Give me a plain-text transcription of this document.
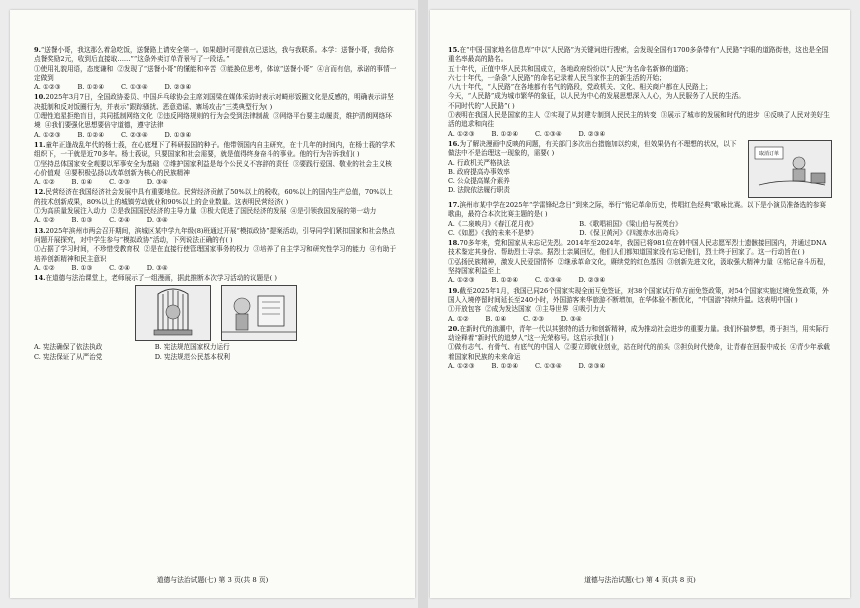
9.“送餐小哥，我这那么着急吃饭，送餐路上请安全第一。如果超时可提前点已送达，我与我联系。本学：送餐小哥，我给你点餐奖励2元，收到后直接取……”“这条外卖订单背景写了一段话。”
①使用礼貌用语，态度谦和  ②发现了“送餐小哥”的懂能和辛苦  ③能换位思考，体谅“送餐小哥”  ④言而有信，承诺的事情一定做到
A. ①②③        B. ①②④        C. ①③④        D. ②③④
10.2025年3月7日，全国政协委员、中国乒乓球协会主席刘国梁在媒体采访时表示对畸形饭圈文化是反感的，明确表示讲坚决抵制和反对饭圈行为，并表示“跟踪骚扰、恶意造谣、寨场攻击”三类典型行为( )
①理性追星拒绝盲目，共同抵制网络文化  ②违反网络规则的行为会受到法律制裁  ③网络平台要主动履责，维护清朗网络环境  ④我们要强化思想要倍守道德，遵守法律
A. ①②③        B. ①②④        C. ②③④        D. ①③④
11.童年正逢战乱年代的杨士莪，在心底埋下了科研报国的种子。他带领国内自主研究，在十几年的时间内，在杨士莪的学术组织下，一干就是近70多年。杨士莪说，只要国家和社会需要，就是值得终身奋斗的事业。他的行为告诉我们( )
①坚持总体国家安全观要以军事安全为基础  ②维护国家利益是每个公民义不容辞的责任  ③要践行爱国、敬业的社会主义核心价值观  ④要积极弘扬以改革创新为核心的民族精神
A. ①②        B. ①④        C. ②③        D. ③④
12.民营经济在我国经济社会发展中具有重要地位。民营经济贡献了50%以上的税收，60%以上的国内生产总值，70%以上的技术创新成果，80%以上的城镇劳动就业和90%以上的企业数量。这表明民营经济( )
①为高质量发展注入动力  ②是我国国民经济的主导力量  ③极大促进了国民经济的发展  ④是引领我国发展的第一动力
A. ①②        B. ①③        C. ②④        D. ③④
13.2025年滨州市两会召开期间，滨城区某中学九年级(8)班通过开展“模拟政协”提案活动，引导同学们紧扣国家和社会热点问题开展探究，对中学生参与“模拟政协”活动，下列说法正确的有( )
①占据了学习时间，不珍惜受教育权  ②是在直接行使管理国家事务的权力  ③培养了自主学习和研究性学习的能力  ④有助于培养创新精神和民主意识
A. ①②        B. ①③        C. ②④        D. ③④
14.在道德与法治课堂上，老师展示了一组漫画，据此推断本次学习活动的议题是( )
A. 宪法确保了依法执政                         B. 宪法规范国家权力运行
C. 宪法保证了从严治党                         D. 宪法规范公民基本权利
道德与法治试题(七) 第 3 页(共 8 页)
15.在“中国·国家地名信息库”中以“人民路”为关键词进行搜索，会发现全国有1700多条带有“人民路”字眼的道路街巷，这也是全国重名率最高的路名。
五十年代，正值中华人民共和国成立，各地政府纷纷以“人民”为名命名新修的道路；
六七十年代，一条条“人民路”的命名记录着人民当家作主的新生活的开始；
八九十年代，“人民路”在各地都有名气的路段，党政机关、文化、相关商户都在人民路上；
今天，“人民路”成为城市繁华的象征，以人民为中心的发展思想深入人心，为人民服务了人民的生活。
不同时代的“人民路”( )
①表明在我国人民是国家的主人  ②实现了从封建专制到人民民主的转变  ③展示了城市的发展和时代的进步  ④反映了人民对美好生活的追求和向往
A. ①②③        B. ①②④        C. ①③④        D. ②③④
取消订单
16.为了解决漫画中反映的问题，有关部门多次出台措施加以约束，但效果仍有不理想的状况，以下做法中不是治理这一现象的，需要( )
A. 行政机关严格执法
B. 政府提高办事效率
C. 公众提高媒介素养
D. 法院依法履行职责
17.滨州市某中学在2025年“学雷锋纪念日”到来之际，举行“铭记革命历史，传唱红色经典”歌咏比赛。以下是小演员准备选的参赛歌曲，最符合本次比赛主题的是( )
A.《二泉映月》《春江花月夜》                    B.《歌唱祖国》《梁山伯与祝英台》
C.《如愿》《我的未来不是梦》                    D.《保卫黄河》《四渡赤水出奇兵》
18.70多年来，党和国家从未忘记先烈。2014年至2024年，我国已将981位在韩中国人民志愿军烈士遗骸接回国内，并通过DNA技术鉴定其身份、帮助烈士寻亲。据烈士亲属回忆，他们人们都知道国家没有忘记他们，烈士终于回家了。这一行动旨在( )
①弘扬民族精神，激发人民爱国情怀  ②继承革命文化，赓续党的红色基因  ③创新先进文化，汲取强大精神力量  ④铭记奋斗历程，坚持国家利益至上
A. ①②③        B. ①②④        C. ①③④        D. ②③④
19.截至2025年1月，我国已同26个国家实现全面互免签证，对38个国家试行单方面免签政策，对54个国家实施过境免签政策，外国人入境停留时间延长至240小时，外国游客来华旅游不断增加，在华体验不断优化，“中国游”持续升温。这表明中国( )
①开放包容  ②成为发达国家  ③主导世界  ④吸引力大
A. ①②        B. ①④        C. ②③        D. ③④
20.在新时代的浪潮中，青年一代以其独特的活力和创新精神，成为推动社会进步的重要力量。我们怀揣梦想，勇于担当，用实际行动诠释着“新时代的追梦人”这一光荣称号。这启示我们( )
①做有志气、有骨气、有底气的中国人  ②要立即就业创业，站在时代的前头  ③担负时代使命，让青春在回报中成长  ④青少年承载着国家和民族的未来命运
A. ①②③        B. ①②④        C. ①③④        D. ②③④
道德与法治试题(七) 第 4 页(共 8 页)
